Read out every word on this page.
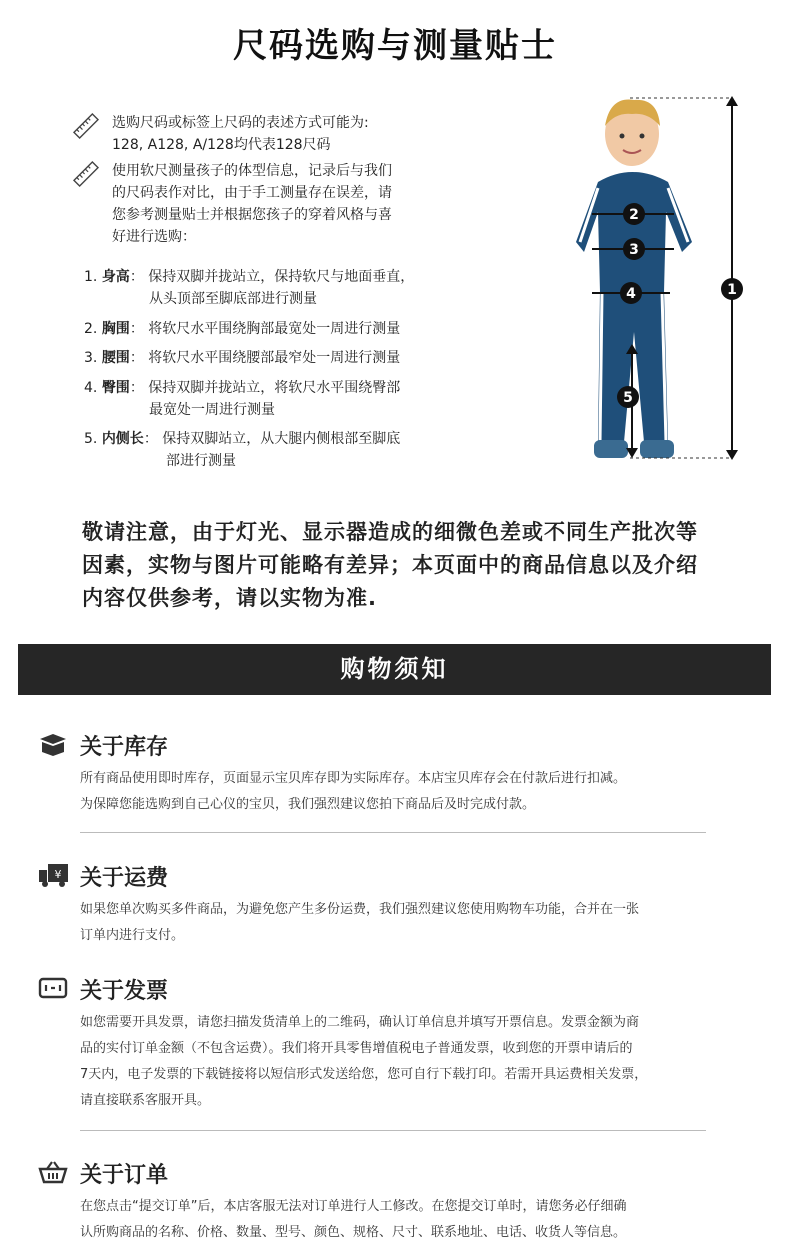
尺码选购与测量贴士
选购尺码或标签上尺码的表述方式可能为:
128, A128, A/128均代表128尺码
使用软尺测量孩子的体型信息，记录后与我们
的尺码表作对比，由于手工测量存在误差，请
您参考测量贴士并根据您孩子的穿着风格与喜
好进行选购：
1. 身高： 保持双脚并拢站立，保持软尺与地面垂直，
从头顶部至脚底部进行测量
2. 胸围： 将软尺水平围绕胸部最宽处一周进行测量
3. 腰围： 将软尺水平围绕腰部最窄处一周进行测量
4. 臀围： 保持双脚并拢站立，将软尺水平围绕臀部
最宽处一周进行测量
5. 内侧长： 保持双脚站立，从大腿内侧根部至脚底
部进行测量
1
2
3
4
5
敬请注意，由于灯光、显示器造成的细微色差或不同生产批次等
因素，实物与图片可能略有差异；本页面中的商品信息以及介绍
内容仅供参考，请以实物为准.
购物须知
关于库存
所有商品使用即时库存，页面显示宝贝库存即为实际库存。本店宝贝库存会在付款后进行扣减。
为保障您能选购到自己心仪的宝贝，我们强烈建议您拍下商品后及时完成付款。
¥ 关于运费
如果您单次购买多件商品，为避免您产生多份运费，我们强烈建议您使用购物车功能，合并在一张
订单内进行支付。
关于发票
如您需要开具发票，请您扫描发货清单上的二维码，确认订单信息并填写开票信息。发票金额为商
品的实付订单金额（不包含运费）。我们将开具零售增值税电子普通发票，收到您的开票申请后的
7天内，电子发票的下载链接将以短信形式发送给您，您可自行下载打印。若需开具运费相关发票，
请直接联系客服开具。
关于订单
在您点击“提交订单”后，本店客服无法对订单进行人工修改。在您提交订单时，请您务必仔细确
认所购商品的名称、价格、数量、型号、颜色、规格、尺寸、联系地址、电话、收货人等信息。
